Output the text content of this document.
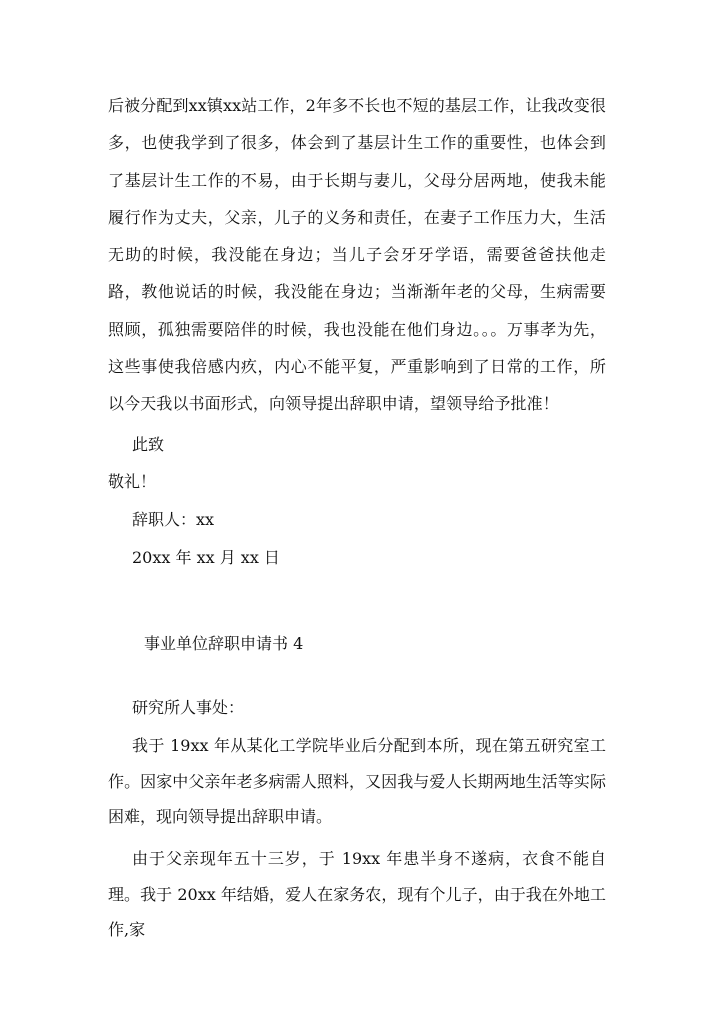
后被分配到xx镇xx站工作，2年多不长也不短的基层工作，让我改变很多，也使我学到了很多，体会到了基层计生工作的重要性，也体会到了基层计生工作的不易，由于长期与妻儿，父母分居两地，使我未能履行作为丈夫，父亲，儿子的义务和责任，在妻子工作压力大，生活无助的时候，我没能在身边；当儿子会牙牙学语，需要爸爸扶他走路，教他说话的时候，我没能在身边；当渐渐年老的父母，生病需要照顾，孤独需要陪伴的时候，我也没能在他们身边。。。万事孝为先，这些事使我倍感内疚，内心不能平复，严重影响到了日常的工作，所以今天我以书面形式，向领导提出辞职申请，望领导给予批准！
此致
敬礼！
辞职人：xx
20xx 年 xx 月 xx 日
事业单位辞职申请书 4
研究所人事处：
我于 19xx 年从某化工学院毕业后分配到本所，现在第五研究室工作。因家中父亲年老多病需人照料，又因我与爱人长期两地生活等实际困难，现向领导提出辞职申请。
由于父亲现年五十三岁，于 19xx 年患半身不遂病，衣食不能自理。我于 20xx 年结婚，爱人在家务农，现有个儿子，由于我在外地工作,家
